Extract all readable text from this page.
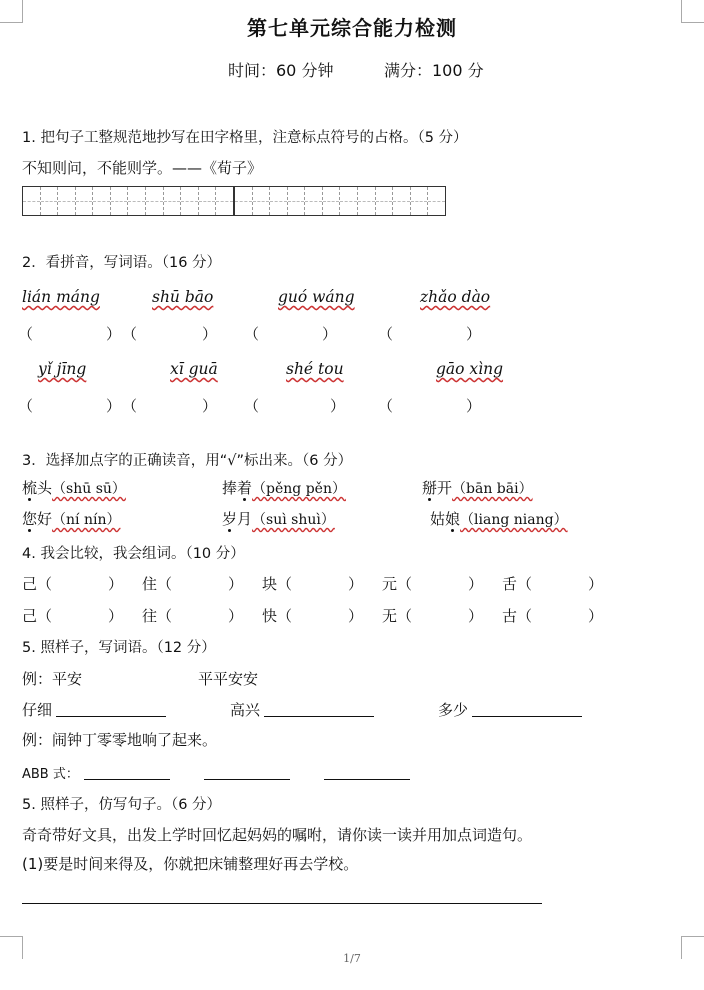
第七单元综合能力检测
时间：60 分钟	满分：100 分
1. 把句子工整规范地抄写在田字格里，注意标点符号的占格。（5 分）
不知则问，不能则学。——《荀子》
2．看拼音，写词语。（16 分）
lián máng	shū bāo	guó wáng	zhǎo dào
（	） （	） （	）	（	）
yǐ jīng	xī guā	shé tou	gāo xìng
（	） （	） （	） （	）
3．选择加点字的正确读音，用“√”标出来。（6 分）
梳头（shū sū）	捧着（pěng pěn）	掰开（bān bāi）
您好（ní nín）	岁月（suì shuì）	姑娘（liang niang）
4. 我会比较，我会组词。（10 分）
己（	） 住（	） 块（	） 元（	） 舌（	）
己（	） 往（	） 快（	） 无（	） 古（	）
5. 照样子，写词语。（12 分）
例：平安	平平安安
仔细	高兴	多少
例：闹钟丁零零地响了起来。
ABB 式：
5. 照样子，仿写句子。（6 分）
奇奇带好文具，出发上学时回忆起妈妈的嘱咐，请你读一读并用加点词造句。
(1)要是时间来得及，你就把床铺整理好再去学校。
1/7
